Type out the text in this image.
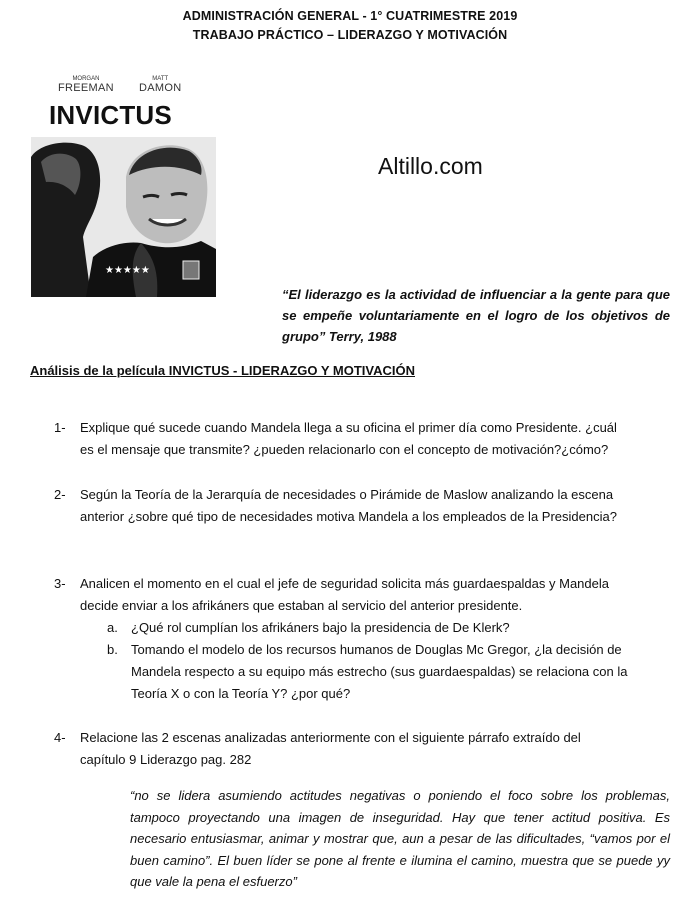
ADMINISTRACIÓN GENERAL - 1° CUATRIMESTRE 2019
TRABAJO PRÁCTICO – LIDERAZGO Y MOTIVACIÓN
MORGAN
FREEMAN
MATT
DAMON
INVICTUS
★★★★★
Altillo.com
“El liderazgo es la actividad de influenciar a la gente para que se empeñe voluntariamente en el logro de los objetivos de grupo” Terry, 1988
Análisis de la película INVICTUS - LIDERAZGO Y MOTIVACIÓN
1- Explique qué sucede cuando Mandela llega a su oficina el primer día como Presidente. ¿cuál
es el mensaje que transmite? ¿pueden relacionarlo con el concepto de motivación?¿cómo?
2- Según la Teoría de la Jerarquía de necesidades o Pirámide de Maslow analizando la escena
anterior ¿sobre qué tipo de necesidades motiva Mandela a los empleados de la Presidencia?
3- Analicen el momento en el cual el jefe de seguridad solicita más guardaespaldas y Mandela
decide enviar a los afrikáners que estaban al servicio del anterior presidente.
a. ¿Qué rol cumplían los afrikáners bajo la presidencia de De Klerk?
b. Tomando el modelo de los recursos humanos de Douglas Mc Gregor, ¿la decisión de
Mandela respecto a su equipo más estrecho (sus guardaespaldas) se relaciona con la
Teoría X o con la Teoría Y? ¿por qué?
4- Relacione las 2 escenas analizadas anteriormente con el siguiente párrafo extraído del
capítulo 9 Liderazgo pag. 282
“no se lidera asumiendo actitudes negativas o poniendo el foco sobre los problemas, tampoco proyectando una imagen de inseguridad. Hay que tener actitud positiva. Es necesario entusiasmar, animar y mostrar que, aun a pesar de las dificultades, “vamos por el buen camino”. El buen líder se pone al frente e ilumina el camino, muestra que se puede yy que vale la pena el esfuerzo”
